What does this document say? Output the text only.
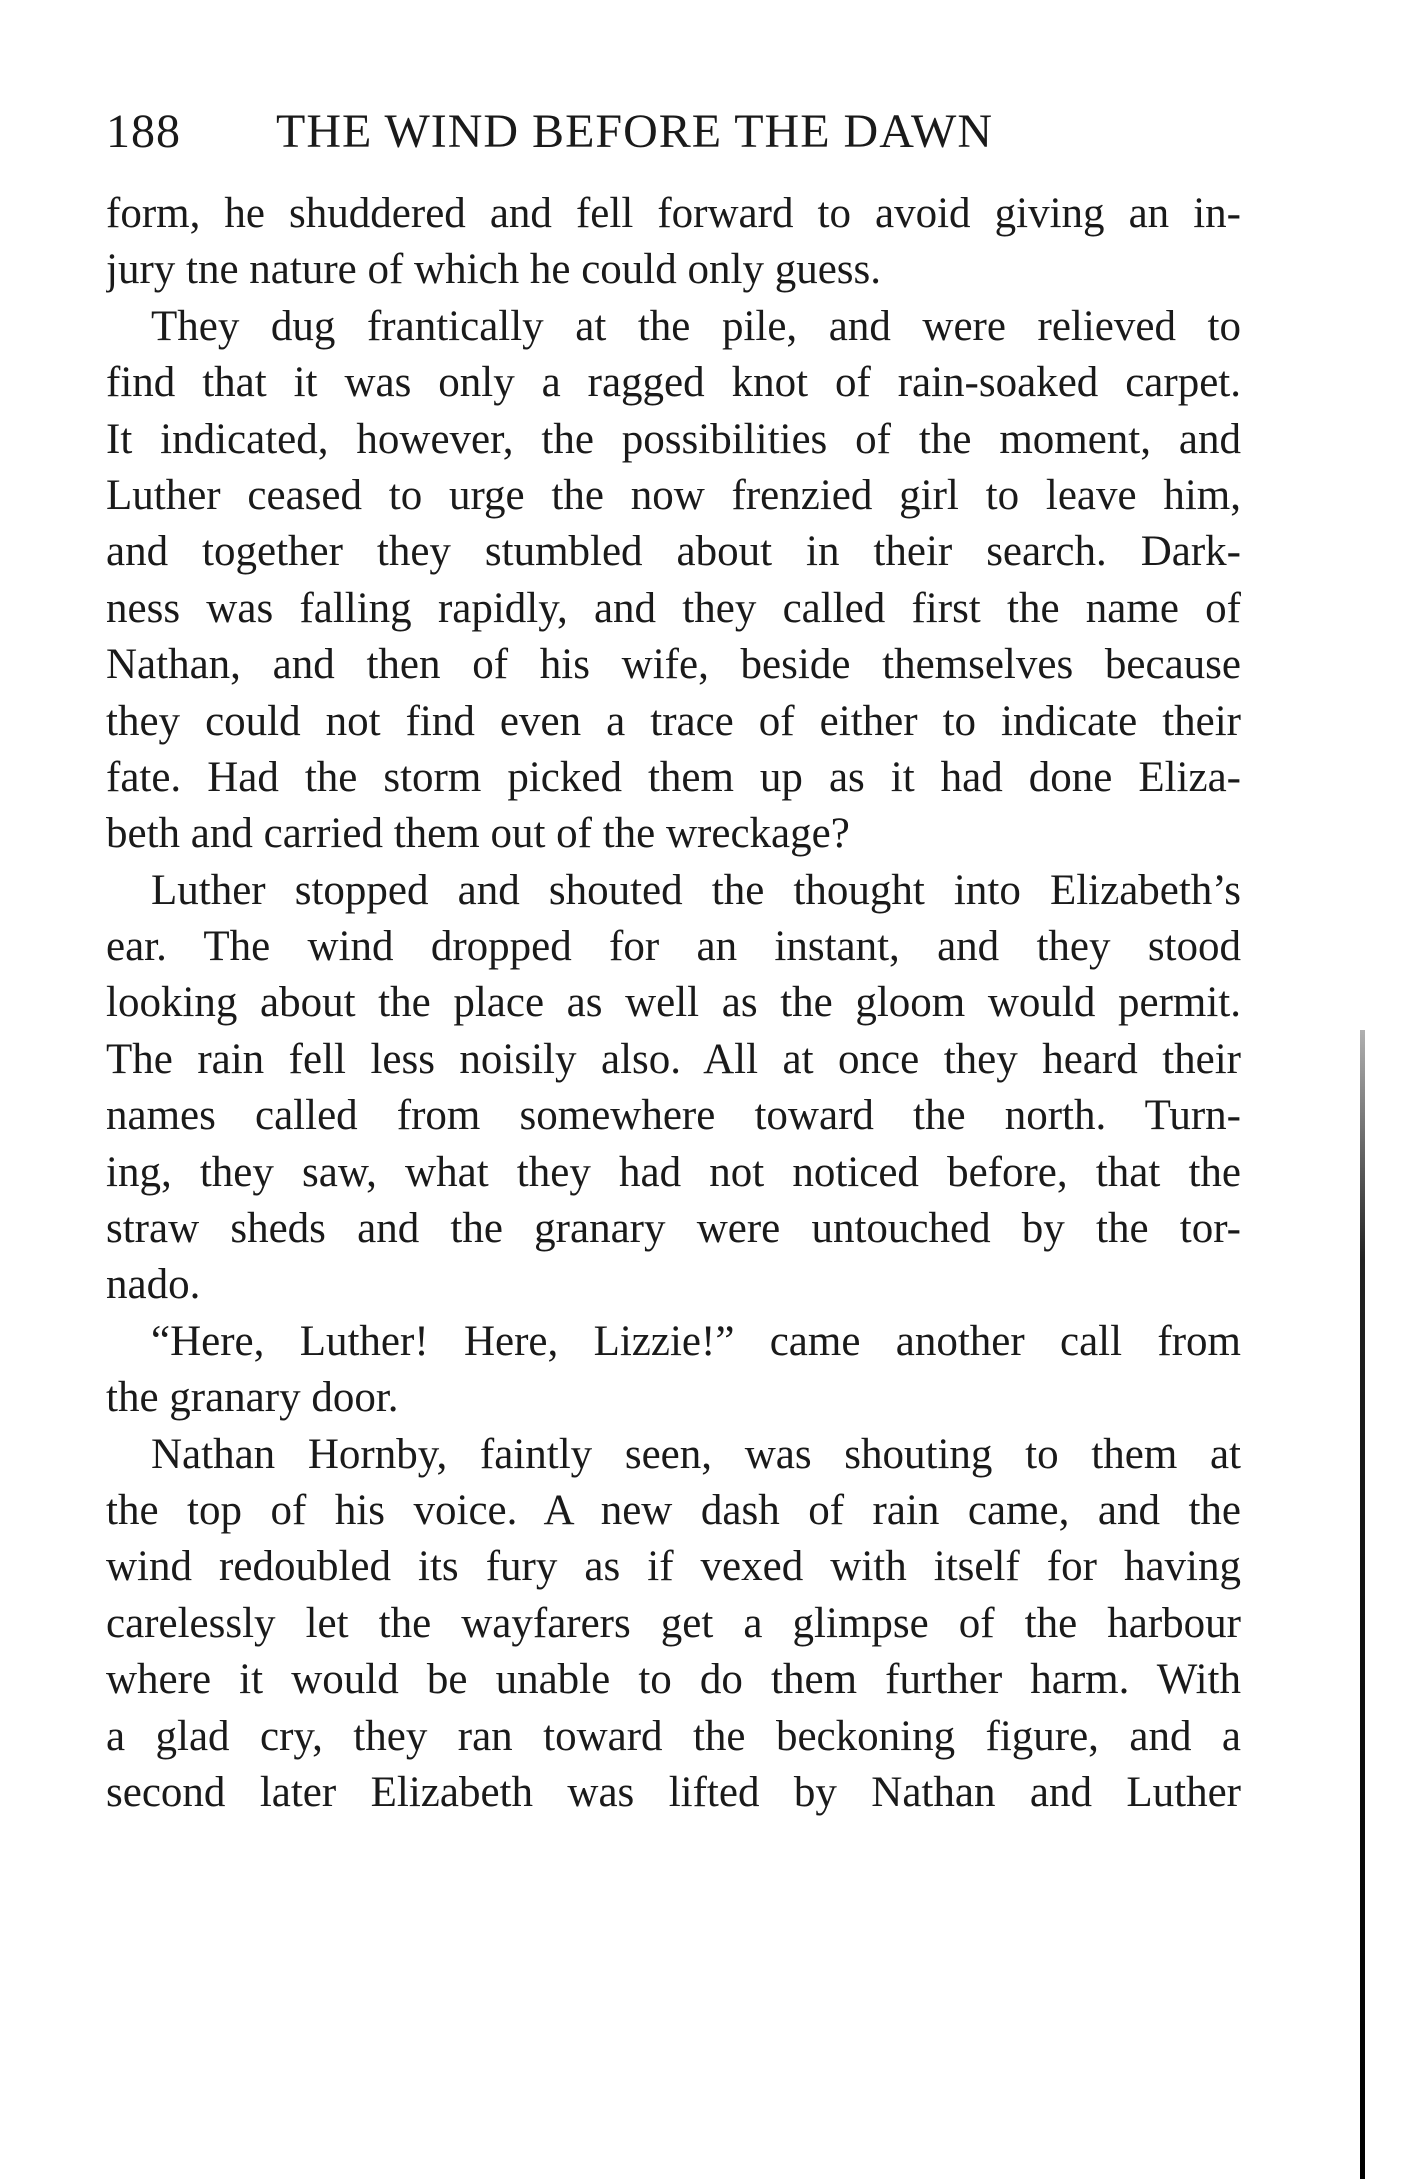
188 THE WIND BEFORE THE DAWN
form, he shuddered and fell forward to avoid giving an in-
jury tne nature of which he could only guess.
They dug frantically at the pile, and were relieved to
find that it was only a ragged knot of rain-soaked carpet.
It indicated, however, the possibilities of the moment, and
Luther ceased to urge the now frenzied girl to leave him,
and together they stumbled about in their search. Dark-
ness was falling rapidly, and they called first the name of
Nathan, and then of his wife, beside themselves because
they could not find even a trace of either to indicate their
fate. Had the storm picked them up as it had done Eliza-
beth and carried them out of the wreckage?
Luther stopped and shouted the thought into Elizabeth’s
ear. The wind dropped for an instant, and they stood
looking about the place as well as the gloom would permit.
The rain fell less noisily also. All at once they heard their
names called from somewhere toward the north. Turn-
ing, they saw, what they had not noticed before, that the
straw sheds and the granary were untouched by the tor-
nado.
“Here, Luther! Here, Lizzie!” came another call from
the granary door.
Nathan Hornby, faintly seen, was shouting to them at
the top of his voice. A new dash of rain came, and the
wind redoubled its fury as if vexed with itself for having
carelessly let the wayfarers get a glimpse of the harbour
where it would be unable to do them further harm. With
a glad cry, they ran toward the beckoning figure, and a
second later Elizabeth was lifted by Nathan and Luther
